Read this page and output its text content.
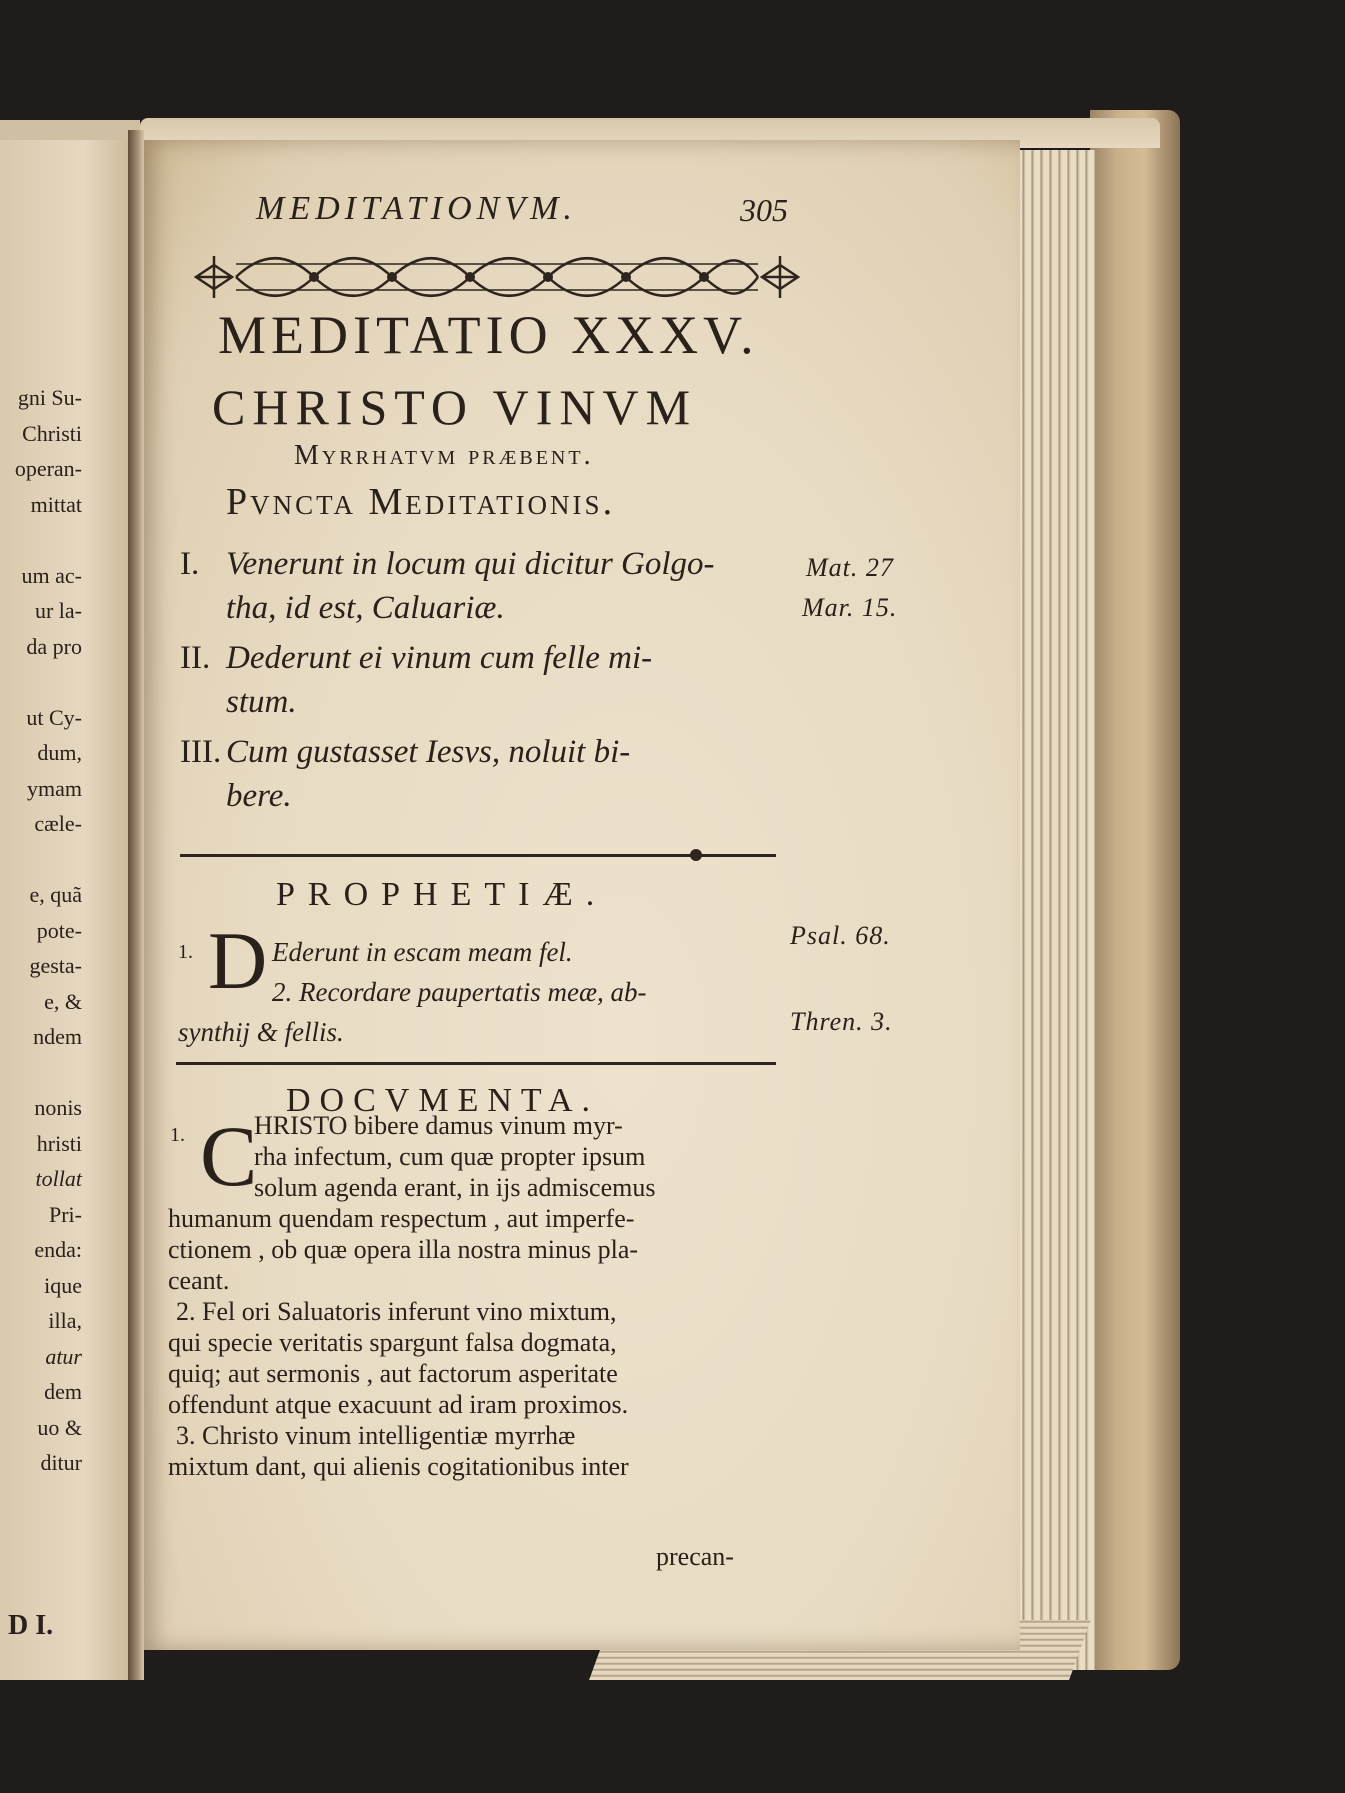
gni Su-
Christi
operan-
mittat

um ac-
ur la-
da pro

ut Cy-
dum,
ymam
cæle-

e, quã
pote-
gesta-
e, &
ndem

nonis
hristi
tollat
Pri-
enda:
ique
illa,
atur
dem
uo &
ditur
D I.
MEDITATIONVM.	305
MEDITATIO XXXV.
CHRISTO VINVM
Myrrhatvm præbent.
Pvncta Meditationis.
I. Venerunt in locum qui dicitur Golgo-
tha, id est, Caluariæ.
II. Dederunt ei vinum cum felle mi-
stum.
III. Cum gustasset Iesvs, noluit bi-
bere.
Mat. 27
Mar. 15.
PROPHETIÆ.
1. D Ederunt in escam meam fel.
2. Recordare paupertatis meæ, ab-
synthij & fellis.
Psal. 68.
Thren. 3.
DOCVMENTA.
1. C
HRISTO bibere damus vinum myr-
rha infectum, cum quæ propter ipsum
solum agenda erant, in ijs admiscemus
humanum quendam respectum , aut imperfe-
ctionem , ob quæ opera illa nostra minus pla-
ceant.
2. Fel ori Saluatoris inferunt vino mixtum,
qui specie veritatis spargunt falsa dogmata,
quiq; aut sermonis , aut factorum asperitate
offendunt atque exacuunt ad iram proximos.
3. Christo vinum intelligentiæ myrrhæ
mixtum dant, qui alienis cogitationibus inter
precan-
